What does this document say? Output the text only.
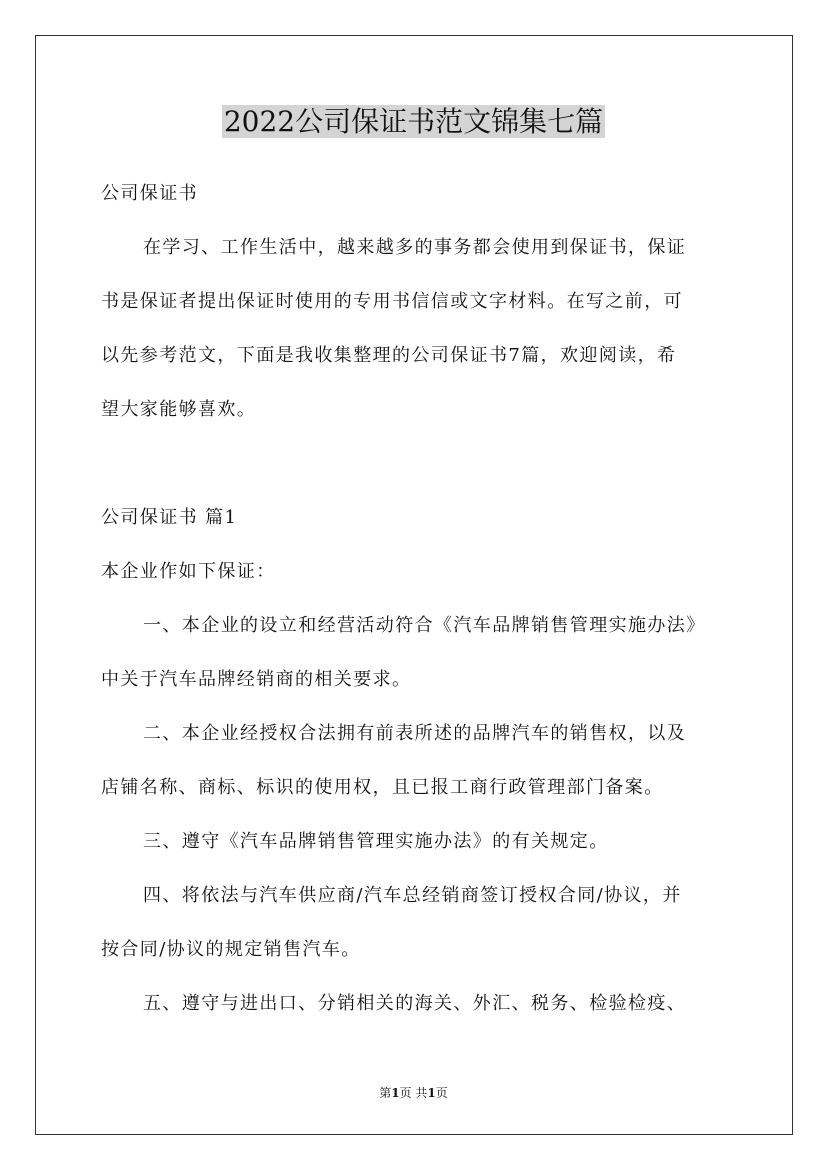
2022公司保证书范文锦集七篇
公司保证书
在学习、工作生活中，越来越多的事务都会使用到保证书，保证
书是保证者提出保证时使用的专用书信信或文字材料。在写之前，可
以先参考范文，下面是我收集整理的公司保证书7篇，欢迎阅读，希
望大家能够喜欢。
公司保证书 篇1
本企业作如下保证：
一、本企业的设立和经营活动符合《汽车品牌销售管理实施办法》
中关于汽车品牌经销商的相关要求。
二、本企业经授权合法拥有前表所述的品牌汽车的销售权，以及
店铺名称、商标、标识的使用权，且已报工商行政管理部门备案。
三、遵守《汽车品牌销售管理实施办法》的有关规定。
四、将依法与汽车供应商/汽车总经销商签订授权合同/协议，并
按合同/协议的规定销售汽车。
五、遵守与进出口、分销相关的海关、外汇、税务、检验检疫、
第1页 共1页
